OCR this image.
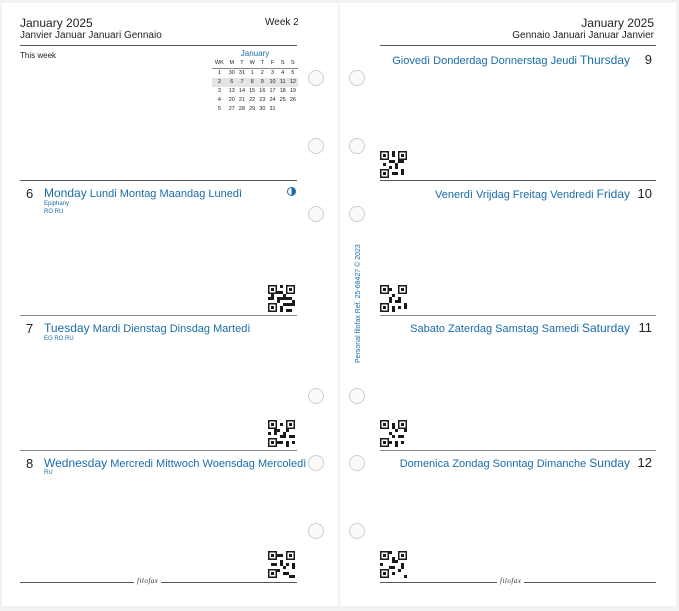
January 2025
Janvier Januar Januari Gennaio
Week 2
This week	January
WK	M	T	W	T	F	S	S
1	30	31	1	2	3	4	5
2	6	7	8	9	10	11	12
3	13	14	15	16	17	18	19
4	20	21	22	23	24	25	26
5	27	28	29	30	31		
6 Monday Lundi Montag Maandag Lunedì
Epiphany
RO RU
7 Tuesday Mardi Dienstag Dinsdag Martedì
EG RO RU
8 Wednesday Mercredi Mittwoch Woensdag Mercoledì
RU
filofax
January 2025
Gennaio Januari Januar Janvier
Giovedì Donderdag Donnerstag Jeudi Thursday 9
Venerdì Vrijdag Freitag Vendredi Friday 10
Sabato Zaterdag Samstag Samedi Saturday 11
Domenica Zondag Sonntag Dimanche Sunday 12
filofax
Personal filofax Ref. 25-68427 © 2023
